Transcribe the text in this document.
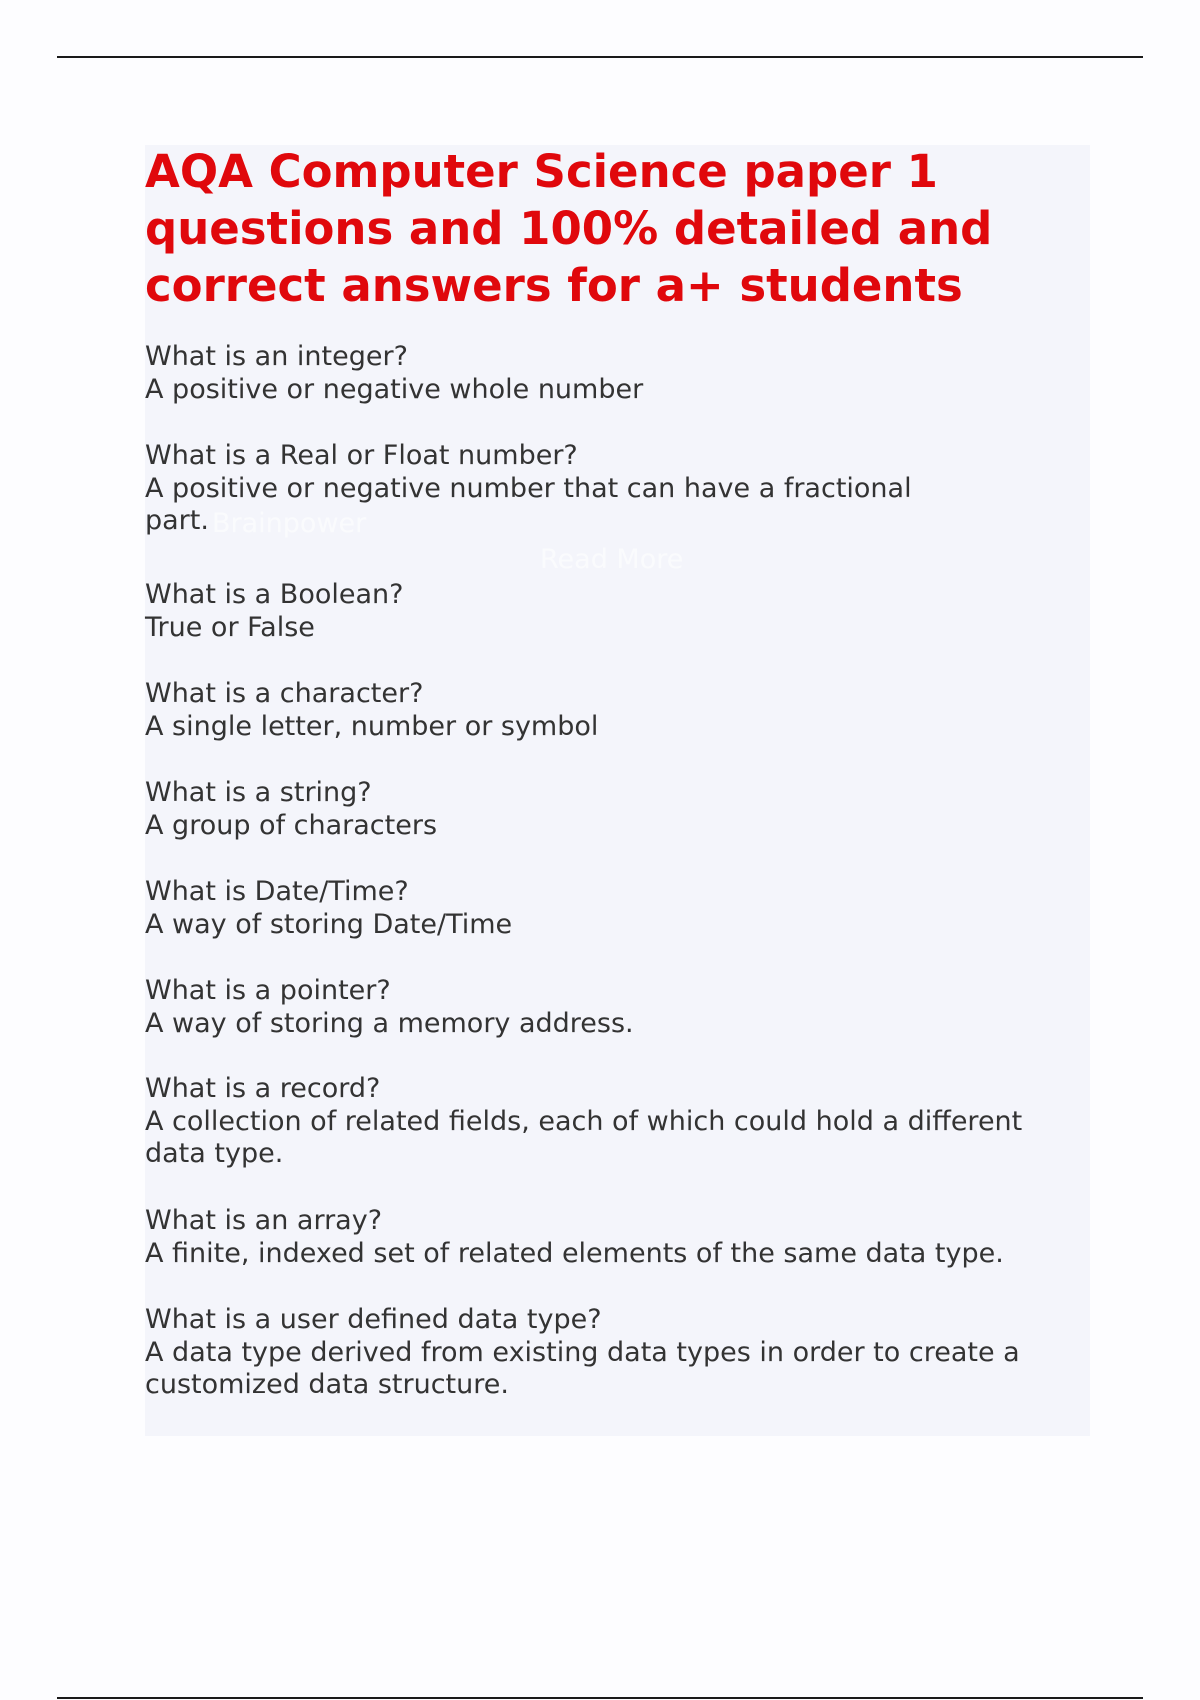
AQA Computer Science paper 1 questions and 100% detailed and correct answers for a+ students
What is an integer?
A positive or negative whole number
What is a Real or Float number?
A positive or negative number that can have a fractional part.
What is a Boolean?
True or False
What is a character?
A single letter, number or symbol
What is a string?
A group of characters
What is Date/Time?
A way of storing Date/Time
What is a pointer?
A way of storing a memory address.
What is a record?
A collection of related fields, each of which could hold a different data type.
What is an array?
A finite, indexed set of related elements of the same data type.
What is a user defined data type?
A data type derived from existing data types in order to create a customized data structure.
Brainpower
Read More
